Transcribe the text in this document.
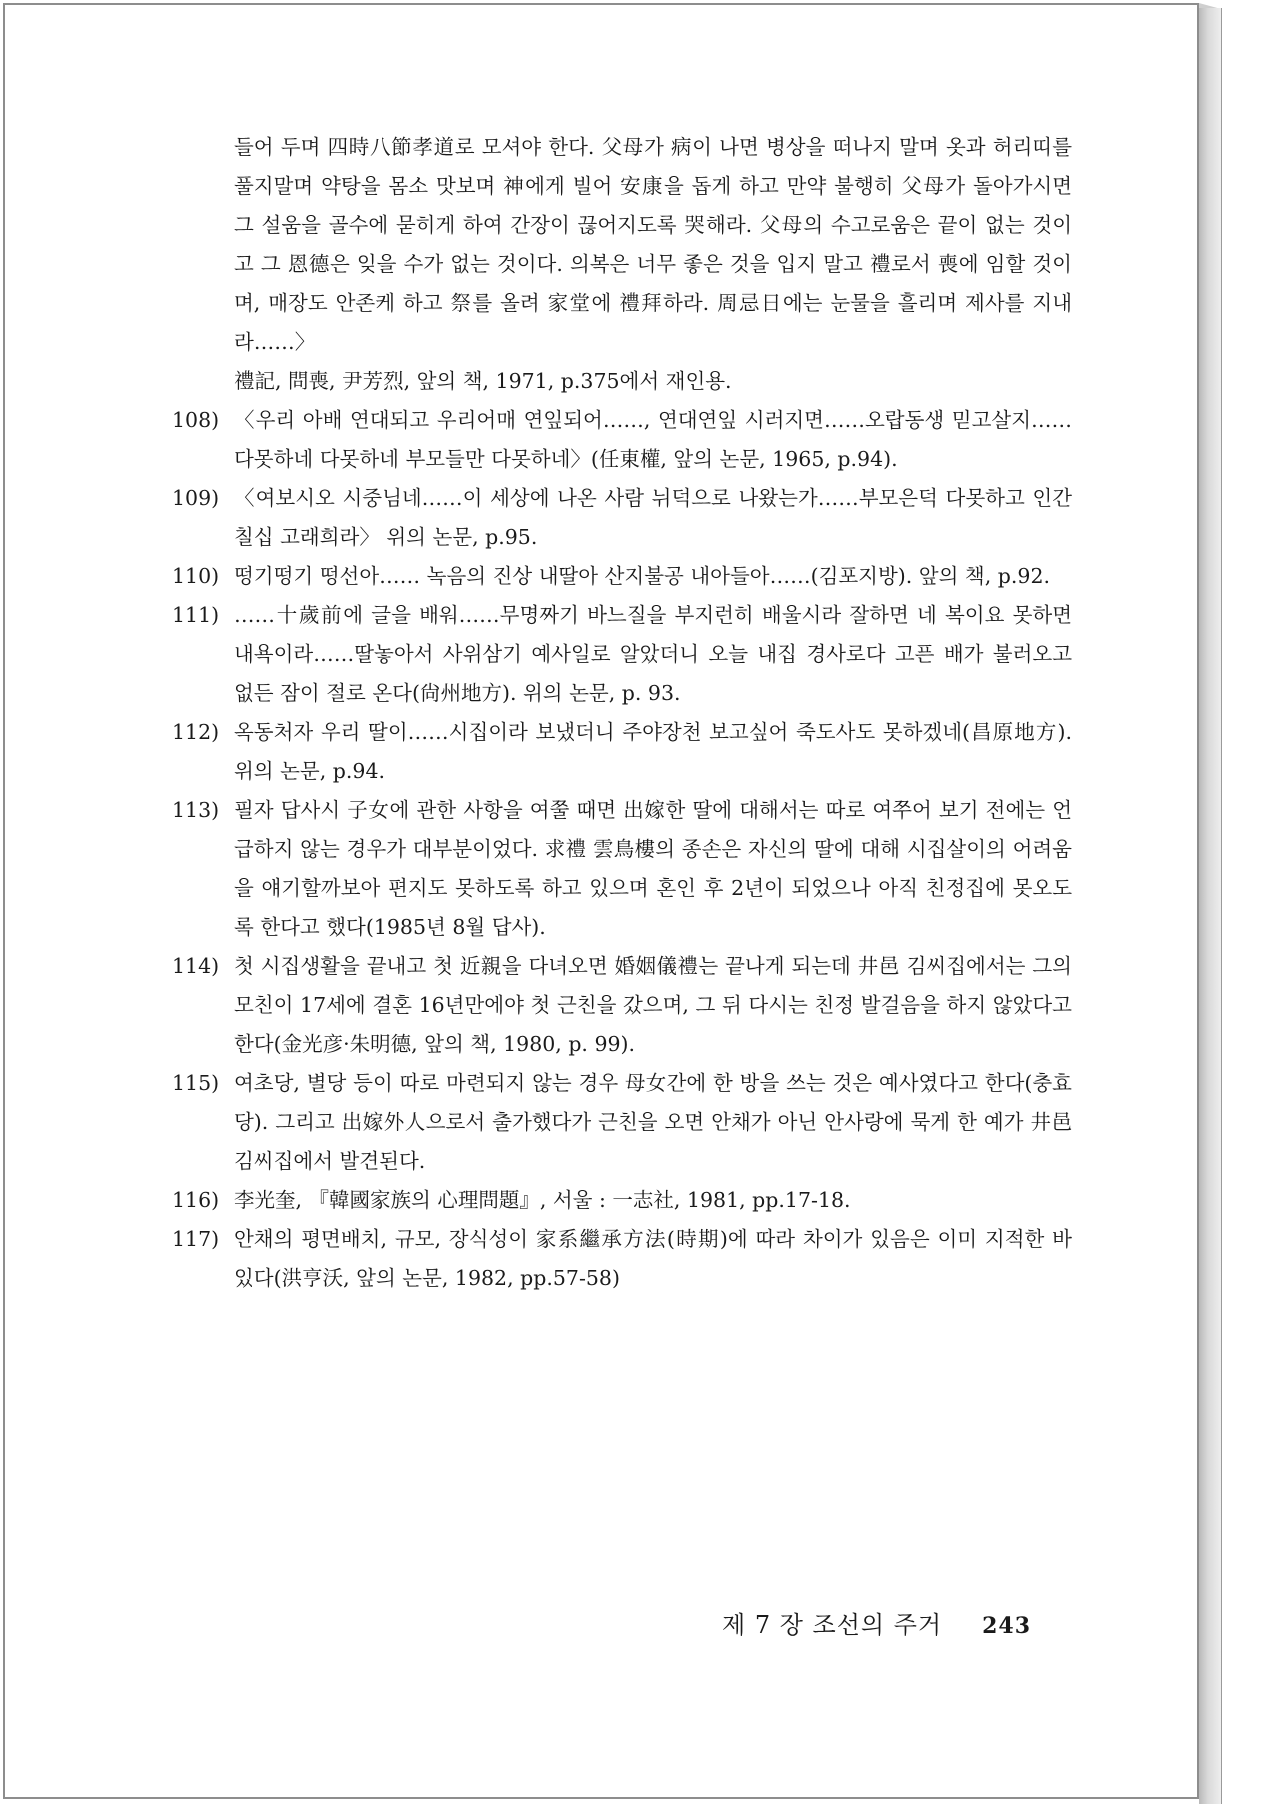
들어 두며 四時八節孝道로 모셔야 한다. 父母가 病이 나면 병상을 떠나지 말며 옷과 허리띠를 풀지말며 약탕을 몸소 맛보며 神에게 빌어 安康을 돕게 하고 만약 불행히 父母가 돌아가시면 그 설움을 골수에 묻히게 하여 간장이 끊어지도록 哭해라. 父母의 수고로움은 끝이 없는 것이고 그 恩德은 잊을 수가 없는 것이다. 의복은 너무 좋은 것을 입지 말고 禮로서 喪에 임할 것이며, 매장도 안존케 하고 祭를 올려 家堂에 禮拜하라. 周忌日에는 눈물을 흘리며 제사를 지내라……〉

禮記, 問喪, 尹芳烈, 앞의 책, 1971, p.375에서 재인용.
108) 〈우리 아배 연대되고 우리어매 연잎되어……, 연대연잎 시러지면……오랍동생 믿고살지……다못하네 다못하네 부모들만 다못하네〉(任東權, 앞의 논문, 1965, p.94).
109) 〈여보시오 시중님네……이 세상에 나온 사람 뉘덕으로 나왔는가……부모은덕 다못하고 인간칠십 고래희라〉 위의 논문, p.95.
110) 떵기떵기 떵선아…… 녹음의 진상 내딸아 산지불공 내아들아……(김포지방). 앞의 책, p.92.
111) ……十歲前에 글을 배워……무명짜기 바느질을 부지런히 배울시라 잘하면 네 복이요 못하면 내욕이라……딸놓아서 사위삼기 예사일로 알았더니 오늘 내집 경사로다 고픈 배가 불러오고 없든 잠이 절로 온다(尙州地方). 위의 논문, p. 93.
112) 옥동처자 우리 딸이……시집이라 보냈더니 주야장천 보고싶어 죽도사도 못하겠네(昌原地方). 위의 논문, p.94.
113) 필자 답사시 子女에 관한 사항을 여쭐 때면 出嫁한 딸에 대해서는 따로 여쭈어 보기 전에는 언급하지 않는 경우가 대부분이었다. 求禮 雲鳥樓의 종손은 자신의 딸에 대해 시집살이의 어려움을 얘기할까보아 편지도 못하도록 하고 있으며 혼인 후 2년이 되었으나 아직 친정집에 못오도록 한다고 했다(1985년 8월 답사).
114) 첫 시집생활을 끝내고 첫 近親을 다녀오면 婚姻儀禮는 끝나게 되는데 井邑 김씨집에서는 그의 모친이 17세에 결혼 16년만에야 첫 근친을 갔으며, 그 뒤 다시는 친정 발걸음을 하지 않았다고 한다(金光彦·朱明德, 앞의 책, 1980, p. 99).
115) 여초당, 별당 등이 따로 마련되지 않는 경우 母女간에 한 방을 쓰는 것은 예사였다고 한다(충효당). 그리고 出嫁外人으로서 출가했다가 근친을 오면 안채가 아닌 안사랑에 묵게 한 예가 井邑 김씨집에서 발견된다.
116) 李光奎, 『韓國家族의 心理問題』, 서울 : 一志社, 1981, pp.17-18.
117) 안채의 평면배치, 규모, 장식성이 家系繼承方法(時期)에 따라 차이가 있음은 이미 지적한 바 있다(洪亨沃, 앞의 논문, 1982, pp.57-58)
제 7 장 조선의 주거 243
